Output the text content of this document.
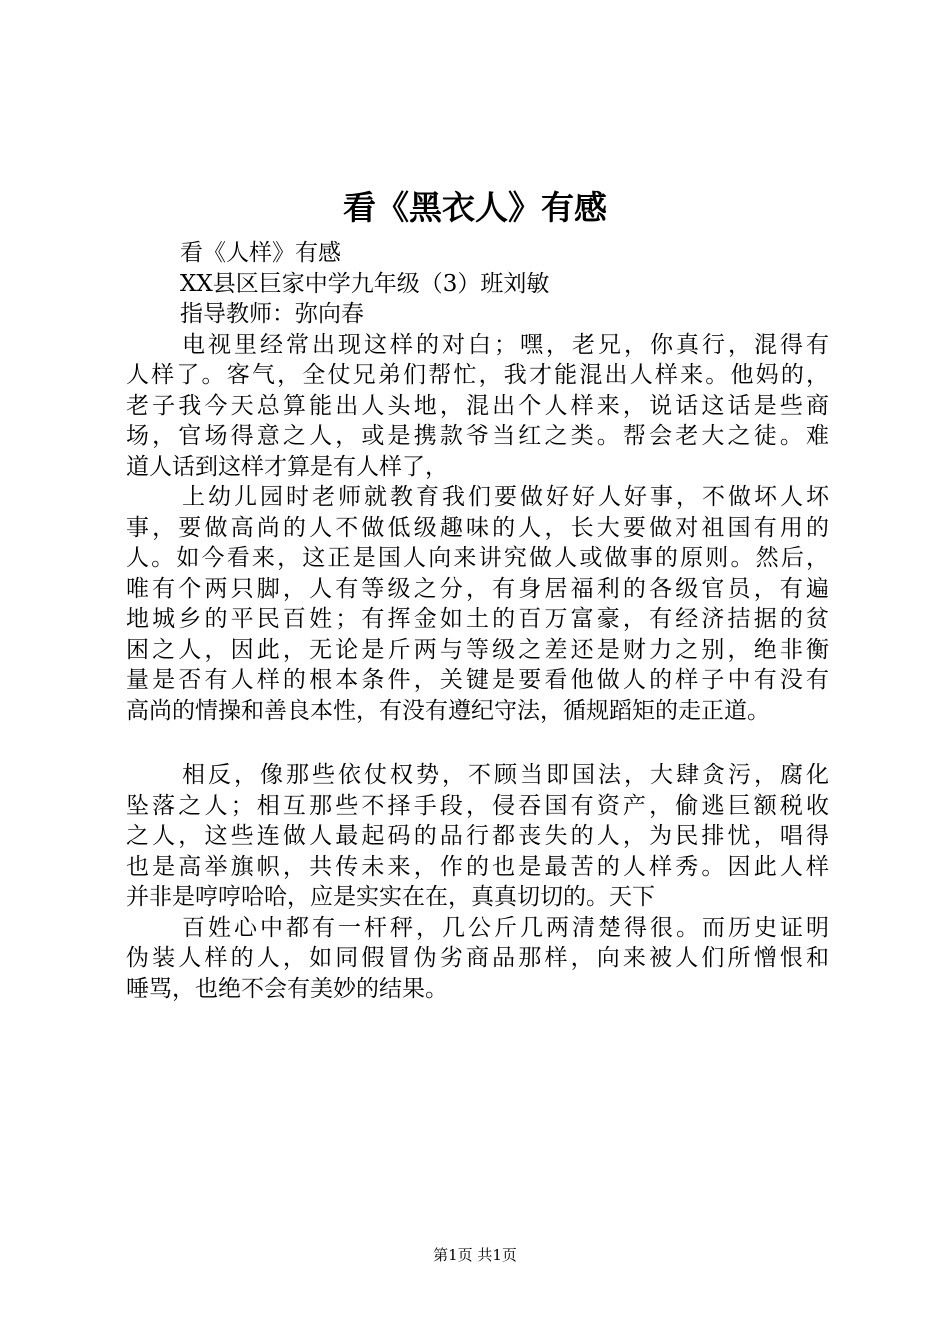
看《黑衣人》有感
看《人样》有感
XX县区巨家中学九年级（3）班刘敏
指导教师：弥向春
电视里经常出现这样的对白；嘿，老兄，你真行，混得有
人样了。客气，全仗兄弟们帮忙，我才能混出人样来。他妈的，
老子我今天总算能出人头地，混出个人样来，说话这话是些商
场，官场得意之人，或是携款爷当红之类。帮会老大之徒。难
道人话到这样才算是有人样了，
上幼儿园时老师就教育我们要做好好人好事，不做坏人坏
事，要做高尚的人不做低级趣味的人，长大要做对祖国有用的
人。如今看来，这正是国人向来讲究做人或做事的原则。然后，
唯有个两只脚，人有等级之分，有身居福利的各级官员，有遍
地城乡的平民百姓；有挥金如土的百万富豪，有经济拮据的贫
困之人，因此，无论是斤两与等级之差还是财力之别，绝非衡
量是否有人样的根本条件，关键是要看他做人的样子中有没有
高尚的情操和善良本性，有没有遵纪守法，循规蹈矩的走正道。
相反，像那些依仗权势，不顾当即国法，大肆贪污，腐化
坠落之人；相互那些不择手段，侵吞国有资产，偷逃巨额税收
之人，这些连做人最起码的品行都丧失的人，为民排忧，唱得
也是高举旗帜，共传未来，作的也是最苦的人样秀。因此人样
并非是哼哼哈哈，应是实实在在，真真切切的。天下
百姓心中都有一杆秤，几公斤几两清楚得很。而历史证明
伪装人样的人，如同假冒伪劣商品那样，向来被人们所憎恨和
唾骂，也绝不会有美妙的结果。
第1页 共1页
